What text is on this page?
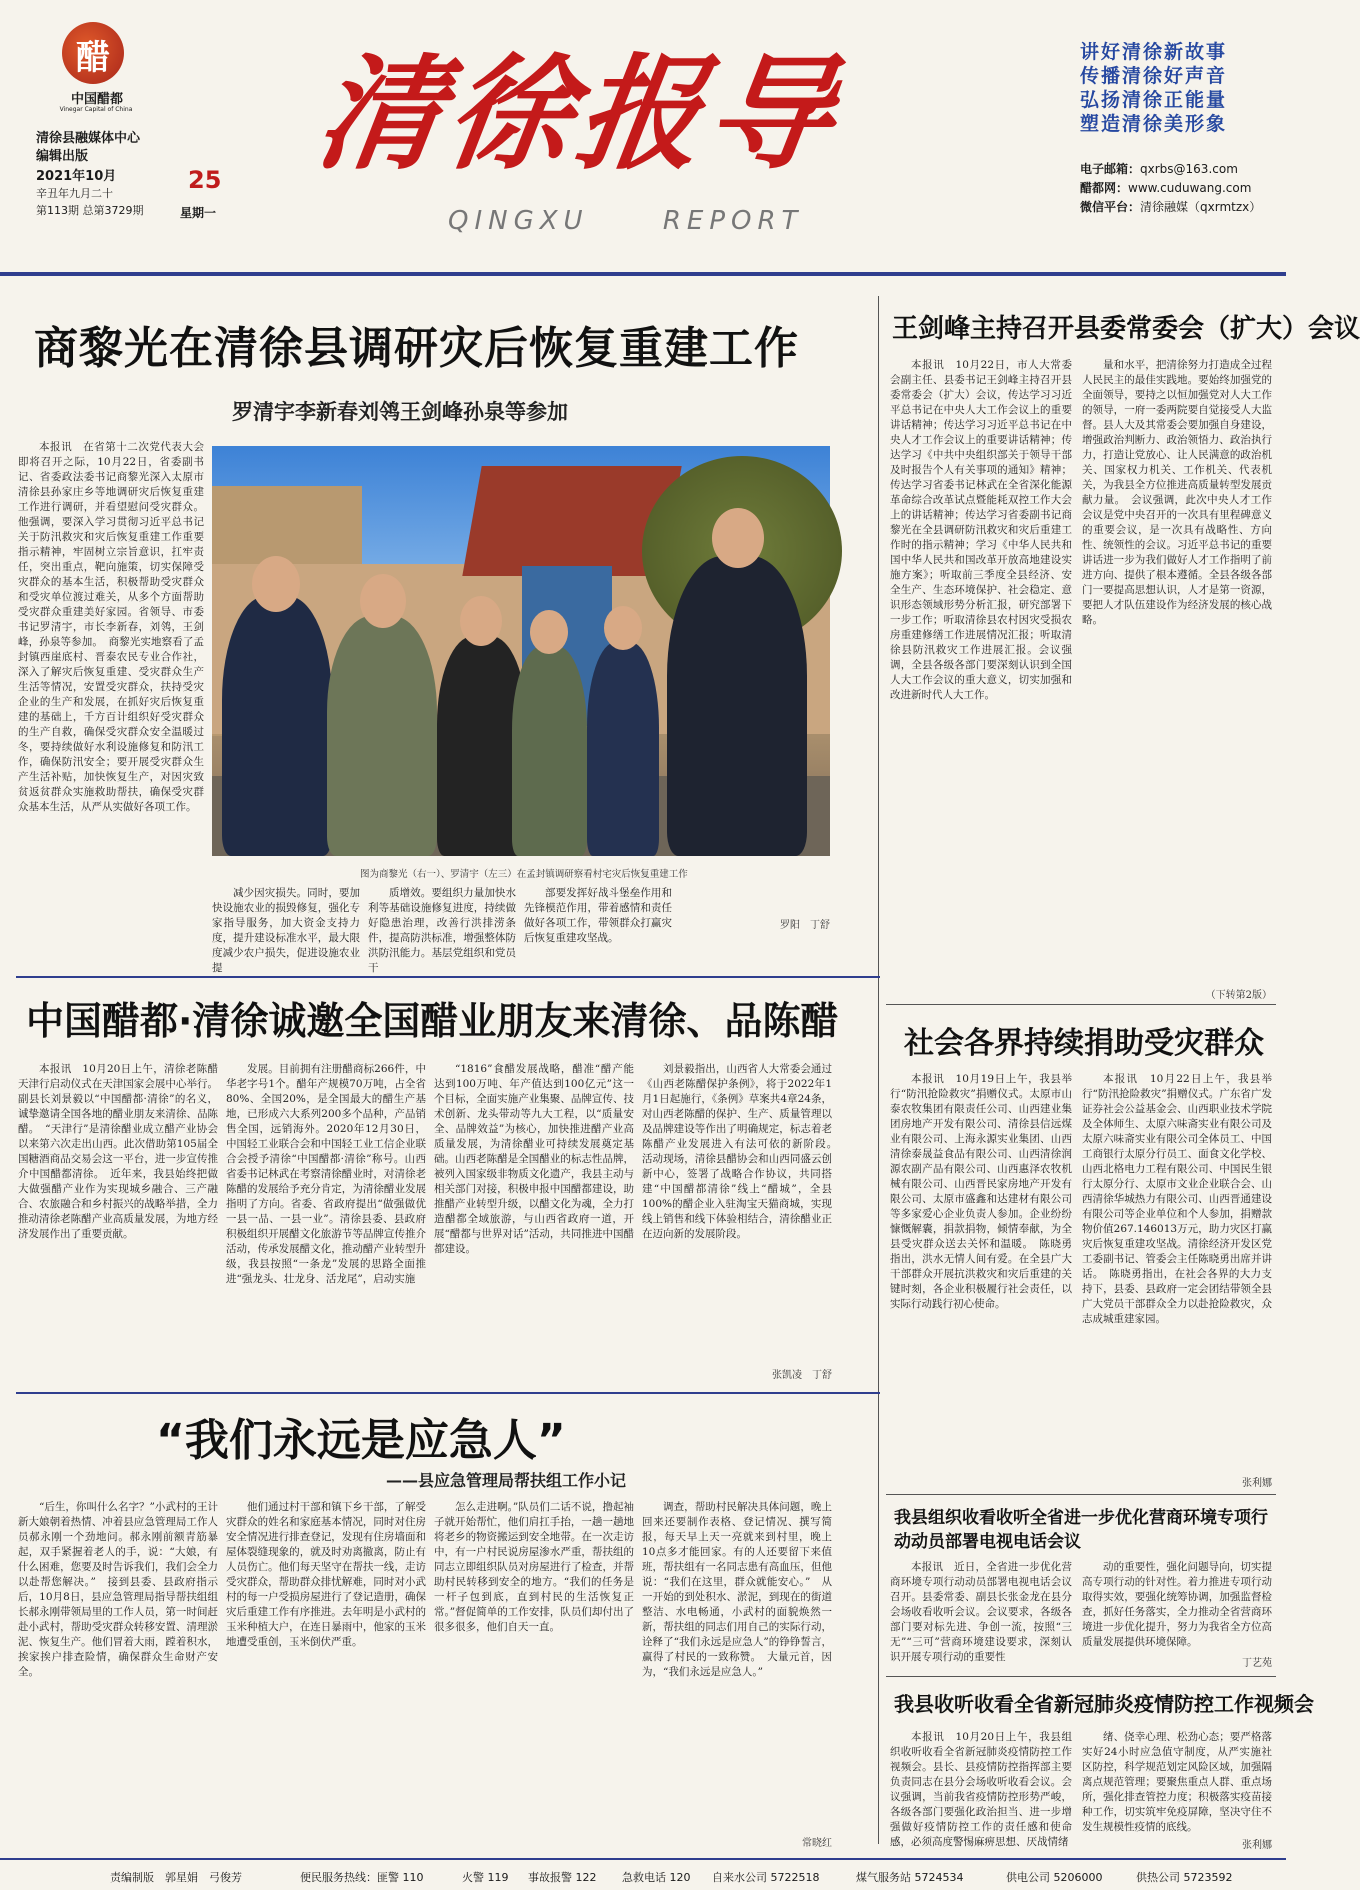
醋
中国醋都
Vinegar Capital of China
清徐县融媒体中心
编辑出版
2021年10月
辛丑年九月二十
第113期 总第3729期
25
星期一
清徐报导
QINGXU REPORT
讲好清徐新故事
传播清徐好声音
弘扬清徐正能量
塑造清徐美形象
电子邮箱：qxrbs@163.com
醋都网：www.cuduwang.com
微信平台：清徐融媒（qxrmtzx）
商黎光在清徐县调研灾后恢复重建工作
罗清宇李新春刘鸰王剑峰孙泉等参加

本报讯　在省第十二次党代表大会即将召开之际，10月22日，省委副书记、省委政法委书记商黎光深入太原市清徐县孙家庄乡等地调研灾后恢复重建工作进行调研，并看望慰问受灾群众。他强调，要深入学习贯彻习近平总书记关于防汛救灾和灾后恢复重建工作重要指示精神，牢固树立宗旨意识，扛牢责任，突出重点，靶向施策，切实保障受灾群众的基本生活，积极帮助受灾群众和受灾单位渡过难关，从多个方面帮助受灾群众重建美好家园。省领导、市委书记罗清宇，市长李新春，刘鸰，王剑峰，孙泉等参加。　商黎光实地察看了孟封镇西崖底村、晋泰农民专业合作社，深入了解灾后恢复重建、受灾群众生产生活等情况，安置受灾群众，扶持受灾企业的生产和发展，在抓好灾后恢复重建的基础上，千方百计组织好受灾群众的生产自救，确保受灾群众安全温暖过冬，要持续做好水利设施修复和防汛工作，确保防汛安全；要开展受灾群众生产生活补贴，加快恢复生产，对因灾致贫返贫群众实施救助帮扶，确保受灾群众基本生活，从严从实做好各项工作。

图为商黎光（右一）、罗清宇（左三）在孟封镇调研察看村宅灾后恢复重建工作

减少因灾损失。同时，要加快设施农业的损毁修复，强化专家指导服务，加大资金支持力度，提升建设标准水平，最大限度减少农户损失，促进设施农业提

质增效。要组织力量加快水利等基础设施修复进度，持续做好隐患治理，改善行洪排涝条件，提高防洪标准，增强整体防洪防汛能力。基层党组织和党员干

部要发挥好战斗堡垒作用和先锋模范作用，带着感情和责任做好各项工作，带领群众打赢灾后恢复重建攻坚战。

罗阳　丁舒
王剑峰主持召开县委常委会（扩大）会议

本报讯　10月22日，市人大常委会副主任、县委书记王剑峰主持召开县委常委会（扩大）会议，传达学习习近平总书记在中央人大工作会议上的重要讲话精神；传达学习习近平总书记在中央人才工作会议上的重要讲话精神；传达学习《中共中央组织部关于领导干部及时报告个人有关事项的通知》精神；传达学习省委书记林武在全省深化能源革命综合改革试点暨能耗双控工作大会上的讲话精神；传达学习省委副书记商黎光在全县调研防汛救灾和灾后重建工作时的指示精神；学习《中华人民共和国中华人民共和国改革开放高地建设实施方案》；听取前三季度全县经济、安全生产、生态环境保护、社会稳定、意识形态领域形势分析汇报，研究部署下一步工作；听取清徐县农村因灾受损农房重建修缮工作进展情况汇报；听取清徐县防汛救灾工作进展汇报。会议强调，全县各级各部门要深刻认识到全国人大工作会议的重大意义，切实加强和改进新时代人大工作。

量和水平，把清徐努力打造成全过程人民民主的最佳实践地。要始终加强党的全面领导，要持之以恒加强党对人大工作的领导，一府一委两院要自觉接受人大监督。县人大及其常委会要加强自身建设，增强政治判断力、政治领悟力、政治执行力，打造让党放心、让人民满意的政治机关、国家权力机关、工作机关、代表机关，为我县全方位推进高质量转型发展贡献力量。　会议强调，此次中央人才工作会议是党中央召开的一次具有里程碑意义的重要会议，是一次具有战略性、方向性、统领性的会议。习近平总书记的重要讲话进一步为我们做好人才工作指明了前进方向、提供了根本遵循。全县各级各部门一要提高思想认识，人才是第一资源，要把人才队伍建设作为经济发展的核心战略。

（下转第2版）
社会各界持续捐助受灾群众

本报讯　10月19日上午，我县举行“防汛抢险救灾”捐赠仪式。太原市山泰农牧集团有限责任公司、山西建业集团房地产开发有限公司、清徐县信远煤业有限公司、上海永源实业集团、山西清徐泰晟益食品有限公司、山西清徐润源农副产品有限公司、山西惠泽农牧机械有限公司、山西晋民家房地产开发有限公司、太原市盛鑫和达建材有限公司等多家爱心企业负责人参加。企业纷纷慷慨解囊，捐款捐物，倾情奉献，为全县受灾群众送去关怀和温暖。　陈晓勇指出，洪水无情人间有爱。在全县广大干部群众开展抗洪救灾和灾后重建的关键时刻，各企业积极履行社会责任，以实际行动践行初心使命。

本报讯　10月22日上午，我县举行“防汛抢险救灾”捐赠仪式。广东省广发证券社会公益基金会、山西职业技术学院及全体师生、太原六味斋实业有限公司及太原六味斋实业有限公司全体员工、中国工商银行太原分行员工、面食文化学校、山西北格电力工程有限公司、中国民生银行太原分行、太原市文业企业联合会、山西清徐华城热力有限公司、山西晋通建设有限公司等企业单位和个人参加，捐赠款物价值267.146013万元，助力灾区打赢灾后恢复重建攻坚战。清徐经济开发区党工委副书记、管委会主任陈晓勇出席并讲话。　陈晓勇指出，在社会各界的大力支持下，县委、县政府一定会团结带领全县广大党员干部群众全力以赴抢险救灾，众志成城重建家园。

张利娜
我县组织收看收听全省进一步优化营商环境专项行动动员部署电视电话会议

本报讯　近日，全省进一步优化营商环境专项行动动员部署电视电话会议召开。县委常委、副县长张金龙在县分会场收看收听会议。会议要求，各级各部门要对标先进、争创一流，按照“三无”“三可”营商环境建设要求，深刻认识开展专项行动的重要性

动的重要性，强化问题导向，切实提高专项行动的针对性。着力推进专项行动取得实效，要强化统筹协调，加强监督检查，抓好任务落实，全力推动全省营商环境进一步优化提升，努力为我省全方位高质量发展提供环境保障。

丁艺苑
我县收听收看全省新冠肺炎疫情防控工作视频会

本报讯　10月20日上午，我县组织收听收看全省新冠肺炎疫情防控工作视频会。县长、县疫情防控指挥部主要负责同志在县分会场收听收看会议。会议强调，当前我省疫情防控形势严峻，各级各部门要强化政治担当、进一步增强做好疫情防控工作的责任感和使命感，必须高度警惕麻痹思想、厌战情绪

绪、侥幸心理、松劲心态；要严格落实好24小时应急值守制度，从严实施社区防控，科学规范划定风险区域，加强隔离点规范管理；要聚焦重点人群、重点场所，强化排查管控力度；积极落实疫苗接种工作，切实筑牢免疫屏障，坚决守住不发生规模性疫情的底线。

张利娜
中国醋都·清徐诚邀全国醋业朋友来清徐、品陈醋

本报讯　10月20日上午，清徐老陈醋天津行启动仪式在天津国家会展中心举行。副县长刘景毅以“中国醋都·清徐”的名义，诚挚邀请全国各地的醋业朋友来清徐、品陈醋。　“天津行”是清徐醋业成立醋产业协会以来第六次走出山西。此次借助第105届全国糖酒商品交易会这一平台，进一步宣传推介中国醋都清徐。　近年来，我县始终把做大做强醋产业作为实现城乡融合、三产融合、农旅融合和乡村振兴的战略举措，全力推动清徐老陈醋产业高质量发展，为地方经济发展作出了重要贡献。

发展。目前拥有注册醋商标266件，中华老字号1个。醋年产规模70万吨，占全省80%、全国20%，是全国最大的醋生产基地，已形成六大系列200多个品种，产品销售全国，远销海外。2020年12月30日，中国轻工业联合会和中国轻工业工信企业联合会授予清徐“中国醋都·清徐”称号。山西省委书记林武在考察清徐醋业时，对清徐老陈醋的发展给予充分肯定，为清徐醋业发展指明了方向。省委、省政府提出“做强做优一县一品、一县一业”。清徐县委、县政府积极组织开展醋文化旅游节等品牌宣传推介活动，传承发展醋文化，推动醋产业转型升级，我县按照“一条龙”发展的思路全面推进“强龙头、壮龙身、活龙尾”，启动实施

“1816”食醋发展战略，醋准“醋产能达到100万吨、年产值达到100亿元”这一个目标，全面实施产业集聚、品牌宣传、技术创新、龙头带动等九大工程，以“质量安全、品牌效益”为核心，加快推进醋产业高质量发展，为清徐醋业可持续发展奠定基础。山西老陈醋是全国醋业的标志性品牌，被列入国家级非物质文化遗产，我县主动与相关部门对接，积极申报中国醋都建设，助推醋产业转型升级，以醋文化为魂，全力打造醋都全域旅游，与山西省政府一道，开展“醋都与世界对话”活动，共同推进中国醋都建设。

刘景毅指出，山西省人大常委会通过《山西老陈醋保护条例》，将于2022年1月1日起施行，《条例》草案共4章24条，对山西老陈醋的保护、生产、质量管理以及品牌建设等作出了明确规定，标志着老陈醋产业发展进入有法可依的新阶段。　活动现场，清徐县醋协会和山西同盛云创新中心，签署了战略合作协议，共同搭建“中国醋都清徐”线上“醋城”，全县100%的醋企业入驻淘宝天猫商城，实现线上销售和线下体验相结合，清徐醋业正在迈向新的发展阶段。

张凯凌　丁舒
“我们永远是应急人”
——县应急管理局帮扶组工作小记

“后生，你叫什么名字？”小武村的王计新大娘朝着热情、冲着县应急管理局工作人员郝永刚一个劲地问。郝永刚前额青筋暴起，双手紧握着老人的手，说：“大娘，有什么困难，您要及时告诉我们，我们会全力以赴帮您解决。”　接到县委、县政府指示后，10月8日，县应急管理局指导帮扶组组长郝永刚带领局里的工作人员，第一时间赶赴小武村，帮助受灾群众转移安置、清理淤泥、恢复生产。他们冒着大雨，蹚着积水，挨家挨户排查险情，确保群众生命财产安全。

他们通过村干部和镇下乡干部，了解受灾群众的姓名和家庭基本情况，同时对住房安全情况进行排查登记，发现有住房墙面和屋体裂缝现象的，就及时劝离撤离，防止有人员伤亡。他们每天坚守在帮扶一线，走访受灾群众，帮助群众排忧解难，同时对小武村的每一户受损房屋进行了登记造册，确保灾后重建工作有序推进。去年明是小武村的玉米种植大户，在连日暴雨中，他家的玉米地遭受重创，玉米倒伏严重。

怎么走进啊。”队员们二话不说，撸起袖子就开始帮忙，他们肩扛手抬，一趟一趟地将老乡的物资搬运到安全地带。在一次走访中，有一户村民说房屋渗水严重，帮扶组的同志立即组织队员对房屋进行了检查，并帮助村民转移到安全的地方。“我们的任务是一杆子包到底，直到村民的生活恢复正常。”督促简单的工作安排，队员们却付出了很多很多，他们自天一直。

调查，帮助村民解决具体问题，晚上回来还要制作表格、登记情况、撰写简报，每天早上天一亮就来到村里，晚上10点多才能回家。有的人还要留下来值班，帮扶组有一名同志患有高血压，但他说：“我们在这里，群众就能安心。”　从一开始的到处积水、淤泥，到现在的街道整洁、水电畅通，小武村的面貌焕然一新，帮扶组的同志们用自己的实际行动，诠释了“我们永远是应急人”的铮铮誓言，赢得了村民的一致称赞。　大量元首，因为，“我们永远是应急人。”

常晓红
责编制版　郭星娟　弓俊芳	便民服务热线：匪警 110	火警 119 事故报警 122 急救电话 120 自来水公司 5722518	煤气服务站 5724534	供电公司 5206000	供热公司 5723592
